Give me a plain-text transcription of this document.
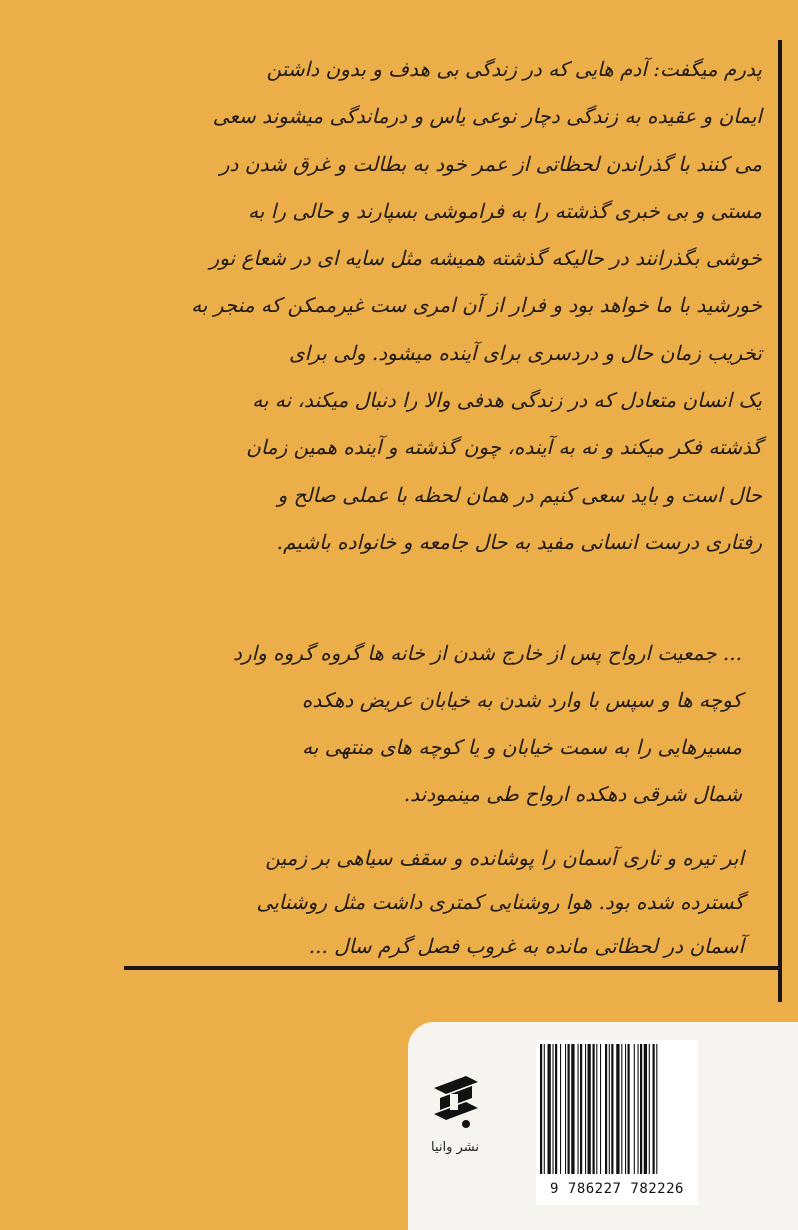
پدرم میگفت: آدم هایی که در زندگی بی هدف و بدون داشتن
ایمان و عقیده به زندگی دچار نوعی یاس و درماندگی میشوند سعی
می کنند با گذراندن لحظاتی از عمر خود به بطالت و غرق شدن در
مستی و بی خبری گذشته را به فراموشی بسپارند و حالی را به
خوشی بگذرانند در حالیکه گذشته همیشه مثل سایه ای در شعاع نور
خورشید با ما خواهد بود و فرار از آن امری ست غیرممکن که منجر به
تخریب زمان حال و دردسری برای آینده میشود. ولی برای
یک انسان متعادل که در زندگی هدفی والا را دنبال میکند، نه به
گذشته فکر میکند و نه به آینده، چون گذشته و آینده همین زمان
حال است و باید سعی کنیم در همان لحظه با عملی صالح و
رفتاری درست انسانی مفید به حال جامعه و خانواده باشیم.
... جمعیت ارواح پس از خارج شدن از خانه ها گروه گروه وارد
کوچه ها و سپس با وارد شدن به خیابان عریض دهکده
مسیرهایی را به سمت خیابان و یا کوچه های منتهی به
شمال شرقی دهکده ارواح طی مینمودند.
ابر تیره و تاری آسمان را پوشانده و سقف سیاهی بر زمین
گسترده شده بود. هوا روشنایی کمتری داشت مثل روشنایی
آسمان در لحظاتی مانده به غروب فصل گرم سال ...
نشر وانیا
9 786227 782226
